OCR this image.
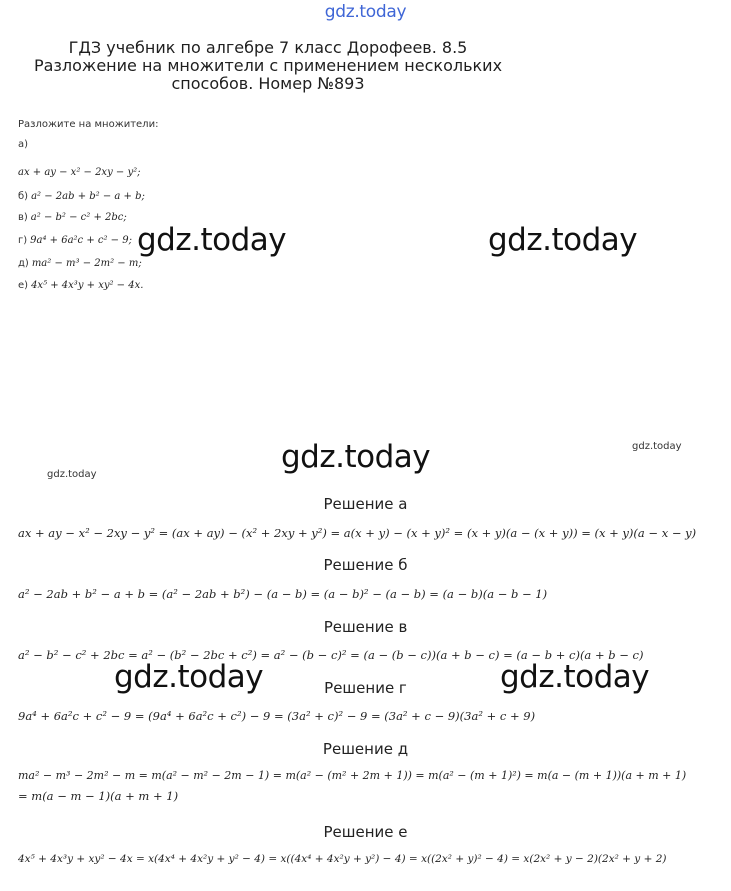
gdz.today
ГДЗ учебник по алгебре 7 класс Дорофеев. 8.5 Разложение на множители с применением нескольких способов. Номер №893
Разложите на множители:
а)
ax + ay − x² − 2xy − y²;
б) a² − 2ab + b² − a + b;
в) a² − b² − c² + 2bc;
г) 9a⁴ + 6a²c + c² − 9;
д) ma² − m³ − 2m² − m;
е) 4x⁵ + 4x³y + xy² − 4x.
gdz.today	gdz.today
gdz.today	gdz.today
gdz.today
gdz.today	gdz.today
Решение а
ax + ay − x² − 2xy − y² = (ax + ay) − (x² + 2xy + y²) = a(x + y) − (x + y)² = (x + y)(a − (x + y)) = (x + y)(a − x − y)
Решение б
a² − 2ab + b² − a + b = (a² − 2ab + b²) − (a − b) = (a − b)² − (a − b) = (a − b)(a − b − 1)
Решение в
a² − b² − c² + 2bc = a² − (b² − 2bc + c²) = a² − (b − c)² = (a − (b − c))(a + b − c) = (a − b + c)(a + b − c)
Решение г
9a⁴ + 6a²c + c² − 9 = (9a⁴ + 6a²c + c²) − 9 = (3a² + c)² − 9 = (3a² + c − 9)(3a² + c + 9)
Решение д
ma² − m³ − 2m² − m = m(a² − m² − 2m − 1) = m(a² − (m² + 2m + 1)) = m(a² − (m + 1)²) = m(a − (m + 1))(a + m + 1)
= m(a − m − 1)(a + m + 1)
Решение е
4x⁵ + 4x³y + xy² − 4x = x(4x⁴ + 4x²y + y² − 4) = x((4x⁴ + 4x²y + y²) − 4) = x((2x² + y)² − 4) = x(2x² + y − 2)(2x² + y + 2)
